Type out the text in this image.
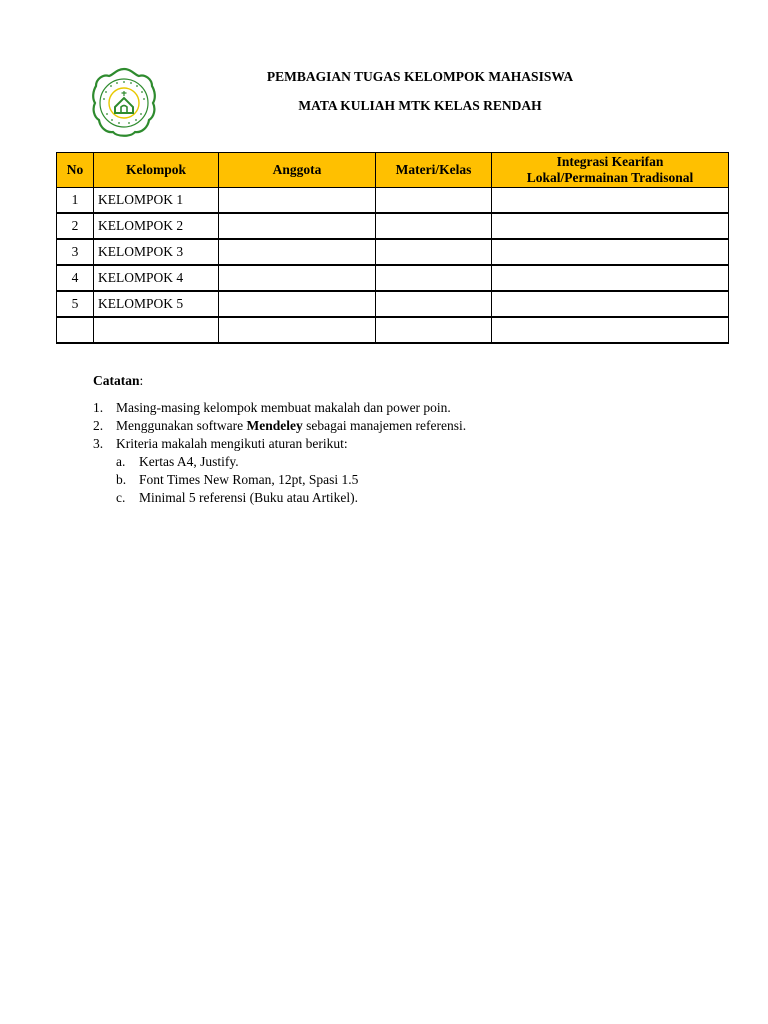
PEMBAGIAN TUGAS KELOMPOK MAHASISWA
MATA KULIAH MTK KELAS RENDAH
No	Kelompok	Anggota	Materi/Kelas	Integrasi Kearifan Lokal/Permainan Tradisonal
1	KELOMPOK 1			
2	KELOMPOK 2			
3	KELOMPOK 3			
4	KELOMPOK 4			
5	KELOMPOK 5			

Catatan:
1. Masing-masing kelompok membuat makalah dan power poin.
2. Menggunakan software Mendeley sebagai manajemen referensi.
3. Kriteria makalah mengikuti aturan berikut:
a. Kertas A4, Justify.
b. Font Times New Roman, 12pt, Spasi 1.5
c. Minimal 5 referensi (Buku atau Artikel).
